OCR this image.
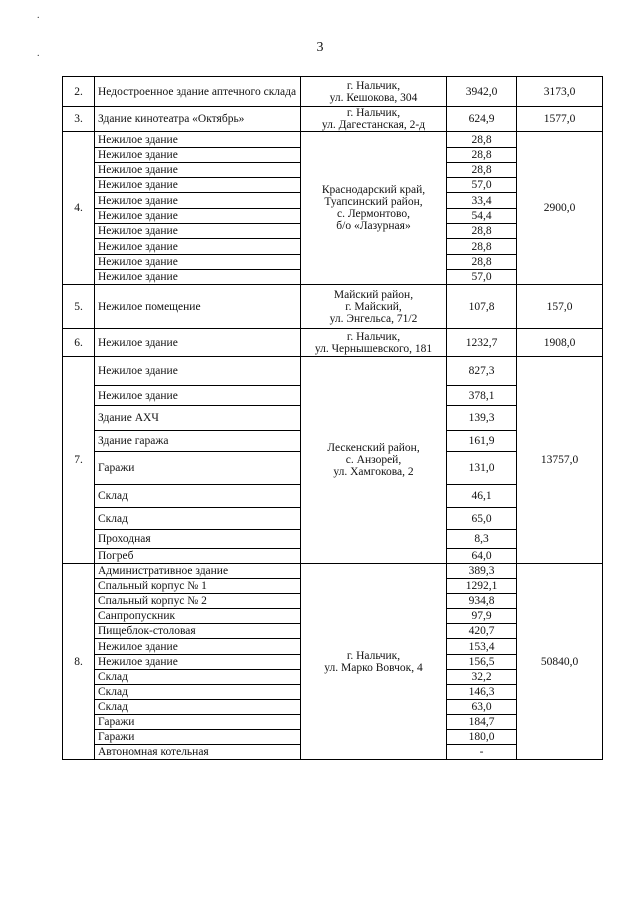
.
.	3
2.	Недостроенное здание аптечного склада	г. Нальчик,
ул. Кешокова, 304	3942,0	3173,0
3.	Здание кинотеатра «Октябрь»	г. Нальчик,
ул. Дагестанская, 2-д	624,9	1577,0
4.	Нежилое здание	Краснодарский край,
Туапсинский район,
с. Лермонтово,
б/о «Лазурная»	28,8	2900,0
	Нежилое здание		28,8	
	Нежилое здание		28,8	
	Нежилое здание		57,0	
	Нежилое здание		33,4	
	Нежилое здание		54,4	
	Нежилое здание		28,8	
	Нежилое здание		28,8	
	Нежилое здание		28,8	
	Нежилое здание		57,0	
5.	Нежилое помещение	Майский район,
г. Майский,
ул. Энгельса, 71/2	107,8	157,0
6.	Нежилое здание	г. Нальчик,
ул. Чернышевского, 181	1232,7	1908,0
7.	Нежилое здание	Лескенский район,
с. Анзорей,
ул. Хамгокова, 2	827,3	13757,0
	Нежилое здание		378,1	
	Здание АХЧ		139,3	
	Здание гаража		161,9	
	Гаражи		131,0	
	Склад		46,1	
	Склад		65,0	
	Проходная		8,3	
	Погреб		64,0	
8.	Административное здание	г. Нальчик,
ул. Марко Вовчок, 4	389,3	50840,0
	Спальный корпус № 1		1292,1	
	Спальный корпус № 2		934,8	
	Санпропускник		97,9	
	Пищеблок-столовая		420,7	
	Нежилое здание		153,4	
	Нежилое здание		156,5	
	Склад		32,2	
	Склад		146,3	
	Склад		63,0	
	Гаражи		184,7	
	Гаражи		180,0	
	Автономная котельная		-	
